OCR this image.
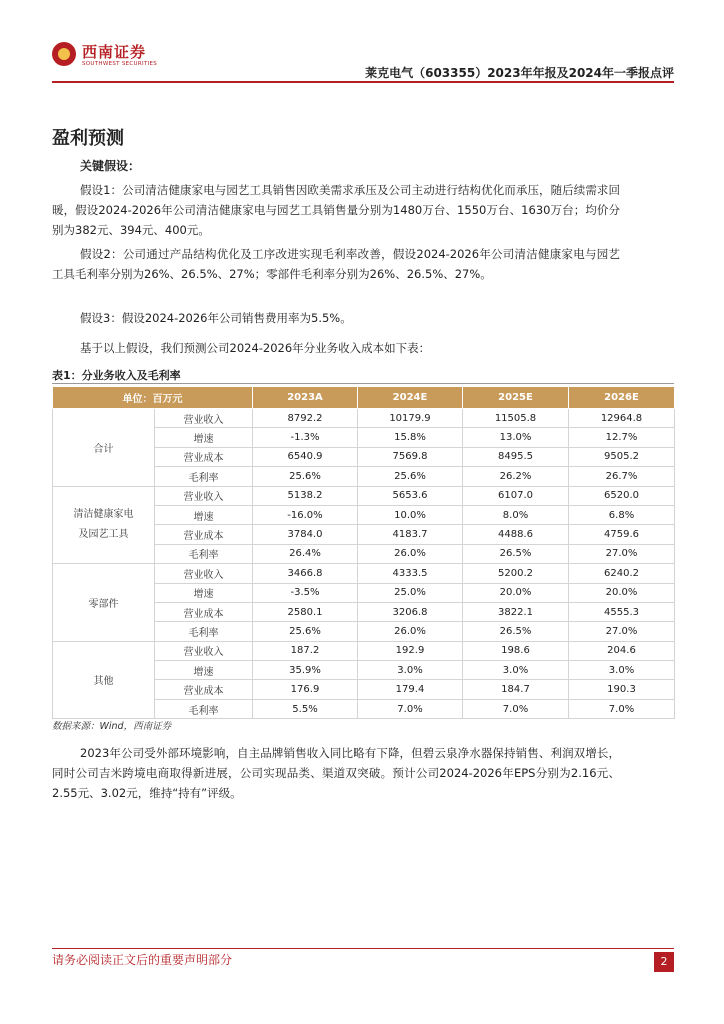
西南证券
SOUTHWEST SECURITIES
莱克电气（603355）2023年年报及2024年一季报点评
盈利预测
关键假设：
假设1：公司清洁健康家电与园艺工具销售因欧美需求承压及公司主动进行结构优化而承压，随后续需求回暖，假设2024-2026年公司清洁健康家电与园艺工具销售量分别为1480万台、1550万台、1630万台；均价分别为382元、394元、400元。
假设2：公司通过产品结构优化及工序改进实现毛利率改善，假设2024-2026年公司清洁健康家电与园艺工具毛利率分别为26%、26.5%、27%；零部件毛利率分别为26%、26.5%、27%。
假设3：假设2024-2026年公司销售费用率为5.5%。
基于以上假设，我们预测公司2024-2026年分业务收入成本如下表：
表1：分业务收入及毛利率
单位：百万元		2023A	2024E	2025E	2026E
合计	营业收入	8792.2	10179.9	11505.8	12964.8
	增速	-1.3%	15.8%	13.0%	12.7%
	营业成本	6540.9	7569.8	8495.5	9505.2
	毛利率	25.6%	25.6%	26.2%	26.7%

清洁健康家电
及园艺工具	营业收入	5138.2	5653.6	6107.0	6520.0
	增速	-16.0%	10.0%	8.0%	6.8%
	营业成本	3784.0	4183.7	4488.6	4759.6
	毛利率	26.4%	26.0%	26.5%	27.0%
零部件	营业收入	3466.8	4333.5	5200.2	6240.2
	增速	-3.5%	25.0%	20.0%	20.0%
	营业成本	2580.1	3206.8	3822.1	4555.3
	毛利率	25.6%	26.0%	26.5%	27.0%
其他	营业收入	187.2	192.9	198.6	204.6
	增速	35.9%	3.0%	3.0%	3.0%
	营业成本	176.9	179.4	184.7	190.3
	毛利率	5.5%	7.0%	7.0%	7.0%
数据来源：Wind，西南证券
2023年公司受外部环境影响，自主品牌销售收入同比略有下降，但碧云泉净水器保持销售、利润双增长，同时公司吉米跨境电商取得新进展，公司实现品类、渠道双突破。预计公司2024-2026年EPS分别为2.16元、2.55元、3.02元，维持“持有”评级。
请务必阅读正文后的重要声明部分	2
